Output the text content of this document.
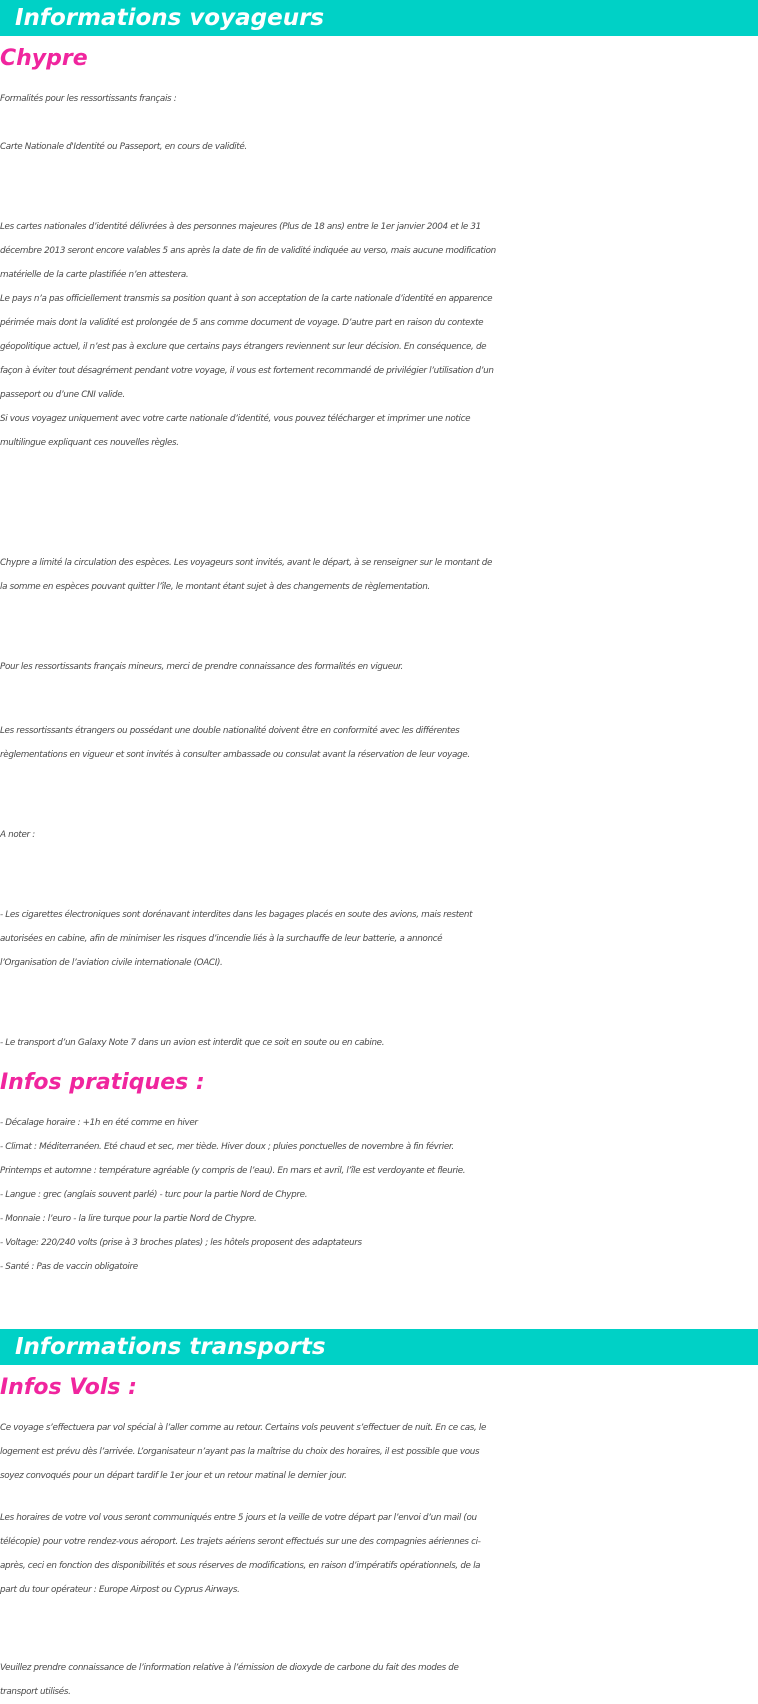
Informations voyageurs
Chypre

Formalités pour les ressortissants français :

Carte Nationale d'Identité ou Passeport, en cours de validité.

Les cartes nationales d’identité délivrées à des personnes majeures (Plus de 18 ans) entre le 1er janvier 2004 et le 31
décembre 2013 seront encore valables 5 ans après la date de fin de validité indiquée au verso, mais aucune modification
matérielle de la carte plastifiée n’en attestera.
Le pays n’a pas officiellement transmis sa position quant à son acceptation de la carte nationale d’identité en apparence
périmée mais dont la validité est prolongée de 5 ans comme document de voyage. D’autre part en raison du contexte
géopolitique actuel, il n’est pas à exclure que certains pays étrangers reviennent sur leur décision. En conséquence, de
façon à éviter tout désagrément pendant votre voyage, il vous est fortement recommandé de privilégier l’utilisation d’un
passeport ou d’une CNI valide.
Si vous voyagez uniquement avec votre carte nationale d’identité, vous pouvez télécharger et imprimer une notice
multilingue expliquant ces nouvelles règles.

Chypre a limité la circulation des espèces. Les voyageurs sont invités, avant le départ, à se renseigner sur le montant de
la somme en espèces pouvant quitter l’île, le montant étant sujet à des changements de règlementation.

Pour les ressortissants français mineurs, merci de prendre connaissance des formalités en vigueur.

Les ressortissants étrangers ou possédant une double nationalité doivent être en conformité avec les différentes
règlementations en vigueur et sont invités à consulter ambassade ou consulat avant la réservation de leur voyage.

A noter :

- Les cigarettes électroniques sont dorénavant interdites dans les bagages placés en soute des avions, mais restent
autorisées en cabine, afin de minimiser les risques d’incendie liés à la surchauffe de leur batterie, a annoncé
l’Organisation de l’aviation civile internationale (OACI).

- Le transport d’un Galaxy Note 7 dans un avion est interdit que ce soit en soute ou en cabine.

Infos pratiques :

- Décalage horaire : +1h en été comme en hiver
- Climat : Méditerranéen. Eté chaud et sec, mer tiède. Hiver doux ; pluies ponctuelles de novembre à fin février.
Printemps et automne : température agréable (y compris de l’eau). En mars et avril, l’île est verdoyante et fleurie.
- Langue : grec (anglais souvent parlé) - turc pour la partie Nord de Chypre.
- Monnaie : l’euro - la lire turque pour la partie Nord de Chypre.
- Voltage: 220/240 volts (prise à 3 broches plates) ; les hôtels proposent des adaptateurs
- Santé : Pas de vaccin obligatoire

Informations transports
Infos Vols :

Ce voyage s’effectuera par vol spécial à l’aller comme au retour. Certains vols peuvent s’effectuer de nuit. En ce cas, le
logement est prévu dès l’arrivée. L’organisateur n’ayant pas la maîtrise du choix des horaires, il est possible que vous
soyez convoqués pour un départ tardif le 1er jour et un retour matinal le dernier jour.

Les horaires de votre vol vous seront communiqués entre 5 jours et la veille de votre départ par l’envoi d’un mail (ou
télécopie) pour votre rendez-vous aéroport. Les trajets aériens seront effectués sur une des compagnies aériennes ci-
après, ceci en fonction des disponibilités et sous réserves de modifications, en raison d’impératifs opérationnels, de la
part du tour opérateur : Europe Airpost ou Cyprus Airways.

Veuillez prendre connaissance de l’information relative à l’émission de dioxyde de carbone du fait des modes de
transport utilisés.
